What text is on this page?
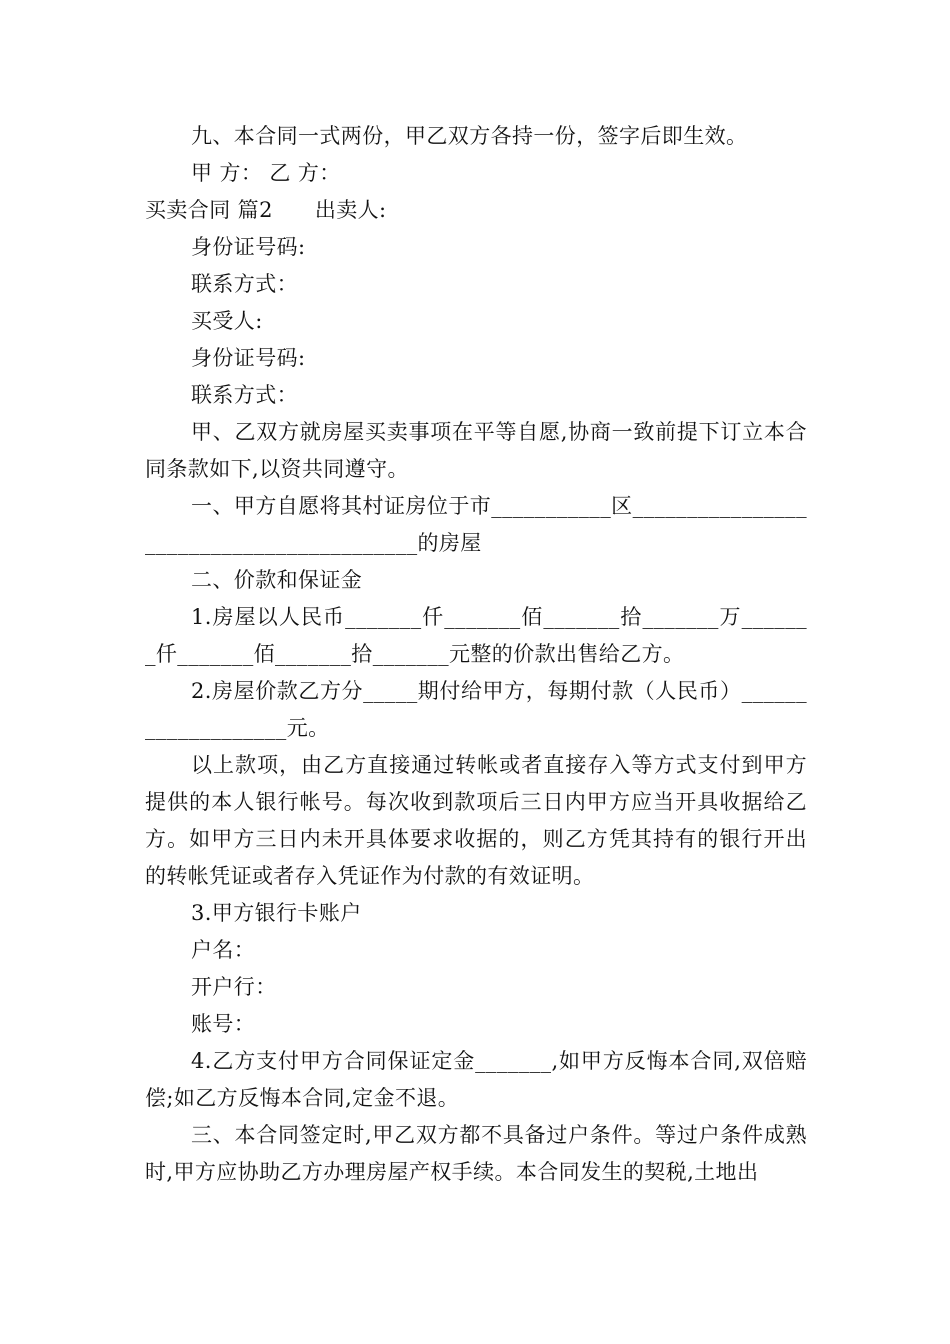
九、本合同一式两份，甲乙双方各持一份，签字后即生效。

甲 方： 乙 方：

买卖合同 篇2 出卖人:

身份证号码:

联系方式：

买受人:

身份证号码:

联系方式：

甲、乙双方就房屋买卖事项在平等自愿,协商一致前提下订立本合同条款如下,以资共同遵守。

一、甲方自愿将其村证房位于市___________区_________________________________________的房屋

二、价款和保证金

1.房屋以人民币_______仟_______佰_______拾_______万_______仟_______佰_______拾_______元整的价款出售给乙方。

2.房屋价款乙方分_____期付给甲方，每期付款（人民币）___________________元。

以上款项，由乙方直接通过转帐或者直接存入等方式支付到甲方提供的本人银行帐号。每次收到款项后三日内甲方应当开具收据给乙方。如甲方三日内未开具体要求收据的，则乙方凭其持有的银行开出的转帐凭证或者存入凭证作为付款的有效证明。

3.甲方银行卡账户

户名：

开户行：

账号：

4.乙方支付甲方合同保证定金_______,如甲方反悔本合同,双倍赔偿;如乙方反悔本合同,定金不退。

三、本合同签定时,甲乙双方都不具备过户条件。等过户条件成熟时,甲方应协助乙方办理房屋产权手续。本合同发生的契税,土地出
